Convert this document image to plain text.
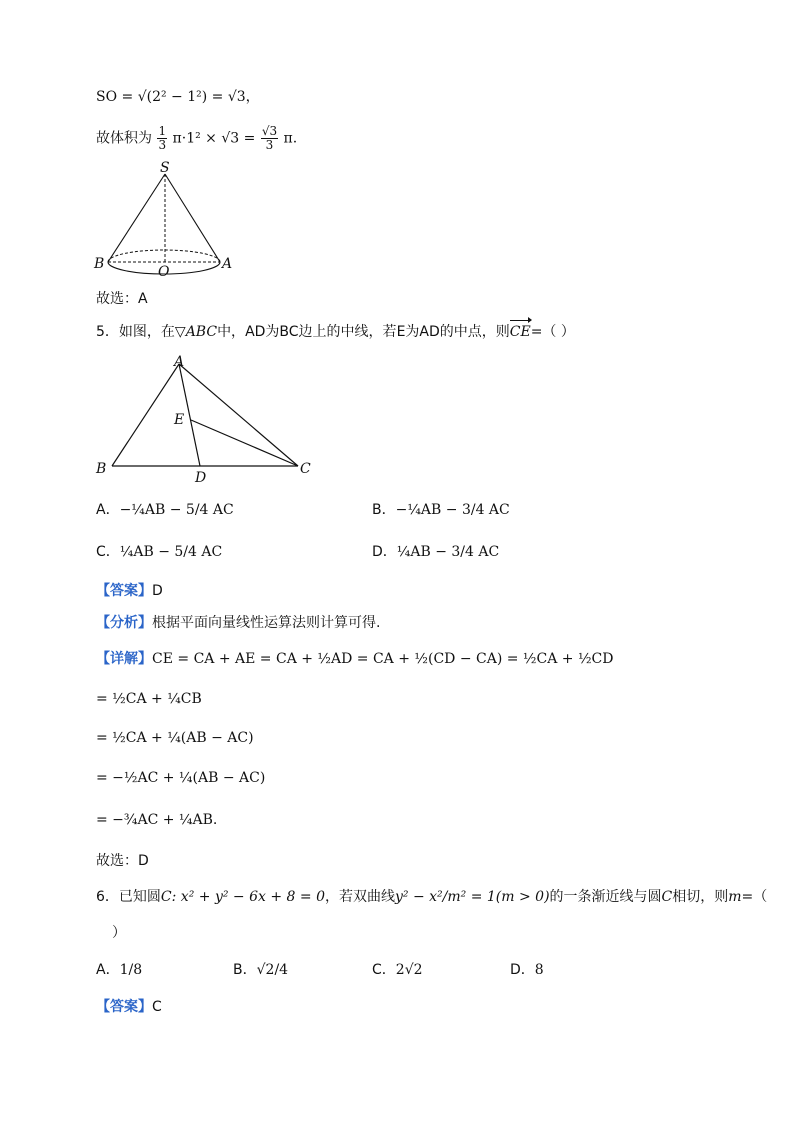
SO = √(2² − 1²) = √3，
故体积为 $\frac{1}{3} \pi\cdot 1^2 \times √3 = \frac{√3}{3} \pi$.
S
B	O	A
故选：A
5．如图，在▽ABC中，AD为BC边上的中线，若E为AD的中点，则CE=（ ）
A
B	C
D
E
A．−¼AB − 5/4 AC	B．−¼AB − 3/4 AC
C．¼AB − 5/4 AC	D．¼AB − 3/4 AC
【答案】D
【分析】根据平面向量线性运算法则计算可得.
【详解】CE = CA + AE = CA + ½AD = CA + ½(CD − CA) = ½CA + ½CD
= ½CA + ¼CB
= ½CA + ¼(AB − AC)
= −½AC + ¼(AB − AC)
= −¾AC + ¼AB.
故选：D
6．已知圆C: x² + y² − 6x + 8 = 0，若双曲线y² − x²/m² = 1(m > 0)的一条渐近线与圆C相切，则m=（
）
A．1/8	B．√2/4	C．2√2	D．8
【答案】C
